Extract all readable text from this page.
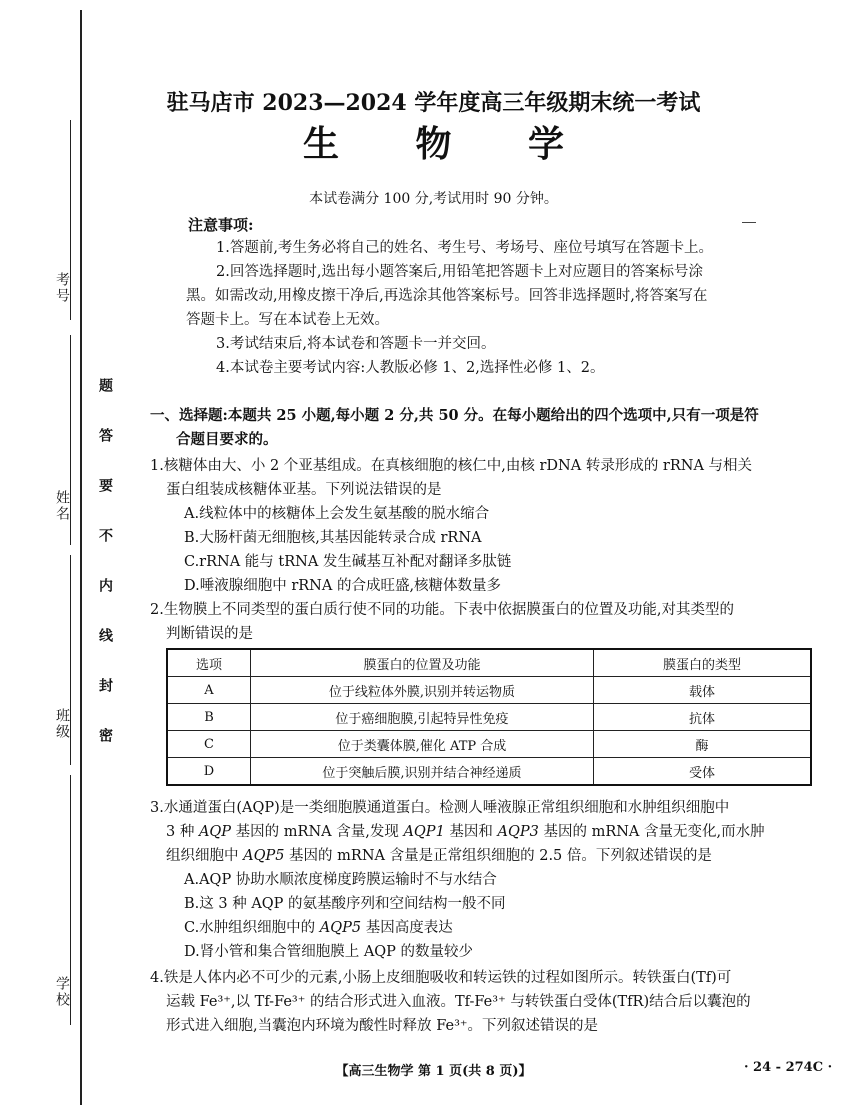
考号
姓名
班级
学校
题
答
要
不
内
线
封
密
驻马店市 2023—2024 学年度高三年级期末统一考试
生 物 学
本试卷满分 100 分,考试用时 90 分钟。
注意事项:
1.答题前,考生务必将自己的姓名、考生号、考场号、座位号填写在答题卡上。
2.回答选择题时,选出每小题答案后,用铅笔把答题卡上对应题目的答案标号涂
黑。如需改动,用橡皮擦干净后,再选涂其他答案标号。回答非选择题时,将答案写在
答题卡上。写在本试卷上无效。
3.考试结束后,将本试卷和答题卡一并交回。
4.本试卷主要考试内容:人教版必修 1、2,选择性必修 1、2。
一、选择题:本题共 25 小题,每小题 2 分,共 50 分。在每小题给出的四个选项中,只有一项是符
合题目要求的。
1.核糖体由大、小 2 个亚基组成。在真核细胞的核仁中,由核 rDNA 转录形成的 rRNA 与相关
蛋白组装成核糖体亚基。下列说法错误的是
A.线粒体中的核糖体上会发生氨基酸的脱水缩合
B.大肠杆菌无细胞核,其基因能转录合成 rRNA
C.rRNA 能与 tRNA 发生碱基互补配对翻译多肽链
D.唾液腺细胞中 rRNA 的合成旺盛,核糖体数量多
2.生物膜上不同类型的蛋白质行使不同的功能。下表中依据膜蛋白的位置及功能,对其类型的
判断错误的是
选项	膜蛋白的位置及功能	膜蛋白的类型
A	位于线粒体外膜,识别并转运物质	载体
B	位于癌细胞膜,引起特异性免疫	抗体
C	位于类囊体膜,催化 ATP 合成	酶
D	位于突触后膜,识别并结合神经递质	受体
3.水通道蛋白(AQP)是一类细胞膜通道蛋白。检测人唾液腺正常组织细胞和水肿组织细胞中
3 种 AQP 基因的 mRNA 含量,发现 AQP1 基因和 AQP3 基因的 mRNA 含量无变化,而水肿
组织细胞中 AQP5 基因的 mRNA 含量是正常组织细胞的 2.5 倍。下列叙述错误的是
A.AQP 协助水顺浓度梯度跨膜运输时不与水结合
B.这 3 种 AQP 的氨基酸序列和空间结构一般不同
C.水肿组织细胞中的 AQP5 基因高度表达
D.肾小管和集合管细胞膜上 AQP 的数量较少
4.铁是人体内必不可少的元素,小肠上皮细胞吸收和转运铁的过程如图所示。转铁蛋白(Tf)可
运载 Fe³⁺,以 Tf-Fe³⁺ 的结合形式进入血液。Tf-Fe³⁺ 与转铁蛋白受体(TfR)结合后以囊泡的
形式进入细胞,当囊泡内环境为酸性时释放 Fe³⁺。下列叙述错误的是
【高三生物学 第 1 页(共 8 页)】	· 24 - 274C ·
